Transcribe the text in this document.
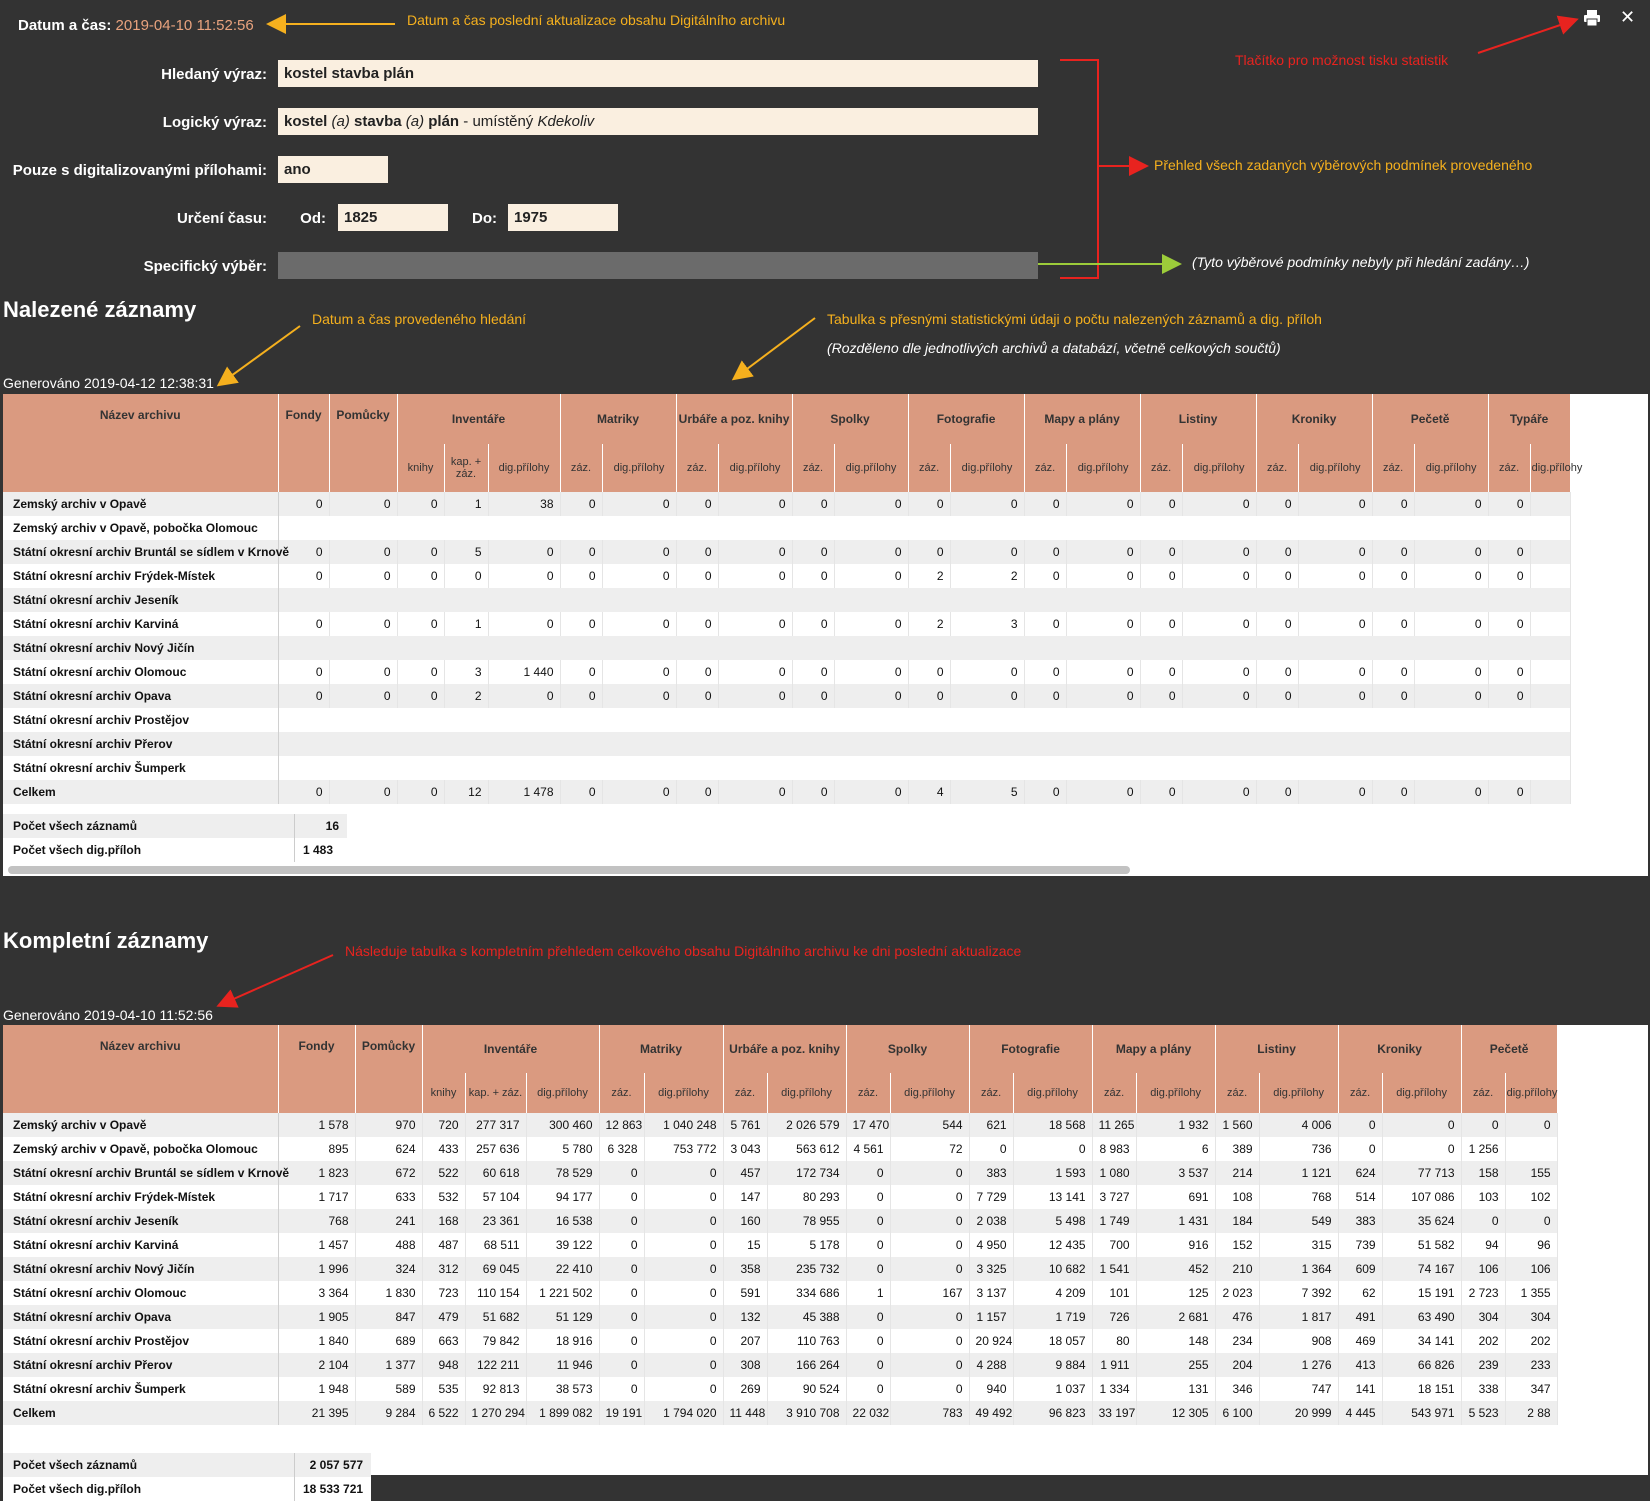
Datum a čas: 2019-04-10 11:52:56	Datum a čas poslední aktualizace obsahu Digitálního archivu
Tlačítko pro možnost tisku statistik
Přehled všech zadaných výběrových podmínek provedeného
(Tyto výběrové podmínky nebyly při hledání zadány…)
Datum a čas provedeného hledání	Tabulka s přesnými statistickými údaji o počtu nalezených záznamů a dig. příloh
(Rozděleno dle jednotlivých archivů a databází, včetně celkových součtů)
Následuje tabulka s kompletním přehledem celkového obsahu Digitálního archivu ke dni poslední aktualizace
✕
Hledaný výraz:	kostel stavba plán
Logický výraz:	kostel (a) stavba (a) plán - umístěný Kdekoliv
Pouze s digitalizovanými přílohami:	ano
Určení času:	Od:	1825	Do:	1975
Specifický výběr:
Nalezené záznamy
Generováno 2019-04-12 12:38:31
Název archivu	Fondy	Pomůcky	Inventáře			Matriky		Urbáře a poz. knihy		Spolky		Fotografie		Mapy a plány		Listiny		Kroniky		Pečetě		Typáře	
			knihy	kap. + záz.	dig.přílohy	záz.	dig.přílohy	záz.	dig.přílohy	záz.	dig.přílohy	záz.	dig.přílohy	záz.	dig.přílohy	záz.	dig.přílohy	záz.	dig.přílohy	záz.	dig.přílohy	záz.	dig.přílohy
Zemský archiv v Opavě	0	0	0	1	38	0	0	0	0	0	0	0	0	0	0	0	0	0	0	0	0	0	
Zemský archiv v Opavě, pobočka Olomouc																							
Státní okresní archiv Bruntál se sídlem v Krnově	0	0	0	5	0	0	0	0	0	0	0	0	0	0	0	0	0	0	0	0	0	0	
Státní okresní archiv Frýdek-Místek	0	0	0	0	0	0	0	0	0	0	0	2	2	0	0	0	0	0	0	0	0	0	
Státní okresní archiv Jeseník																							
Státní okresní archiv Karviná	0	0	0	1	0	0	0	0	0	0	0	2	3	0	0	0	0	0	0	0	0	0	
Státní okresní archiv Nový Jičín																							
Státní okresní archiv Olomouc	0	0	0	3	1 440	0	0	0	0	0	0	0	0	0	0	0	0	0	0	0	0	0	
Státní okresní archiv Opava	0	0	0	2	0	0	0	0	0	0	0	0	0	0	0	0	0	0	0	0	0	0	
Státní okresní archiv Prostějov																							
Státní okresní archiv Přerov																							
Státní okresní archiv Šumperk																							
Celkem	0	0	0	12	1 478	0	0	0	0	0	0	4	5	0	0	0	0	0	0	0	0	0	
Počet všech záznamů	16
Počet všech dig.příloh	1 483
Kompletní záznamy
Generováno 2019-04-10 11:52:56
Název archivu	Fondy	Pomůcky	Inventáře			Matriky		Urbáře a poz. knihy		Spolky		Fotografie		Mapy a plány		Listiny		Kroniky		Pečetě	
			knihy	kap. + záz.	dig.přílohy	záz.	dig.přílohy	záz.	dig.přílohy	záz.	dig.přílohy	záz.	dig.přílohy	záz.	dig.přílohy	záz.	dig.přílohy	záz.	dig.přílohy	záz.	dig.přílohy
Zemský archiv v Opavě	1 578	970	720	277 317	300 460	12 863	1 040 248	5 761	2 026 579	17 470	544	621	18 568	11 265	1 932	1 560	4 006	0	0	0	0
Zemský archiv v Opavě, pobočka Olomouc	895	624	433	257 636	5 780	6 328	753 772	3 043	563 612	4 561	72	0	0	8 983	6	389	736	0	0	1 256	
Státní okresní archiv Bruntál se sídlem v Krnově	1 823	672	522	60 618	78 529	0	0	457	172 734	0	0	383	1 593	1 080	3 537	214	1 121	624	77 713	158	155
Státní okresní archiv Frýdek-Místek	1 717	633	532	57 104	94 177	0	0	147	80 293	0	0	7 729	13 141	3 727	691	108	768	514	107 086	103	102
Státní okresní archiv Jeseník	768	241	168	23 361	16 538	0	0	160	78 955	0	0	2 038	5 498	1 749	1 431	184	549	383	35 624	0	0
Státní okresní archiv Karviná	1 457	488	487	68 511	39 122	0	0	15	5 178	0	0	4 950	12 435	700	916	152	315	739	51 582	94	96
Státní okresní archiv Nový Jičín	1 996	324	312	69 045	22 410	0	0	358	235 732	0	0	3 325	10 682	1 541	452	210	1 364	609	74 167	106	106
Státní okresní archiv Olomouc	3 364	1 830	723	110 154	1 221 502	0	0	591	334 686	1	167	3 137	4 209	101	125	2 023	7 392	62	15 191	2 723	1 355
Státní okresní archiv Opava	1 905	847	479	51 682	51 129	0	0	132	45 388	0	0	1 157	1 719	726	2 681	476	1 817	491	63 490	304	304
Státní okresní archiv Prostějov	1 840	689	663	79 842	18 916	0	0	207	110 763	0	0	20 924	18 057	80	148	234	908	469	34 141	202	202
Státní okresní archiv Přerov	2 104	1 377	948	122 211	11 946	0	0	308	166 264	0	0	4 288	9 884	1 911	255	204	1 276	413	66 826	239	233
Státní okresní archiv Šumperk	1 948	589	535	92 813	38 573	0	0	269	90 524	0	0	940	1 037	1 334	131	346	747	141	18 151	338	347
Celkem	21 395	9 284	6 522	1 270 294	1 899 082	19 191	1 794 020	11 448	3 910 708	22 032	783	49 492	96 823	33 197	12 305	6 100	20 999	4 445	543 971	5 523	2 88
Počet všech záznamů	2 057 577
Počet všech dig.příloh	18 533 721
